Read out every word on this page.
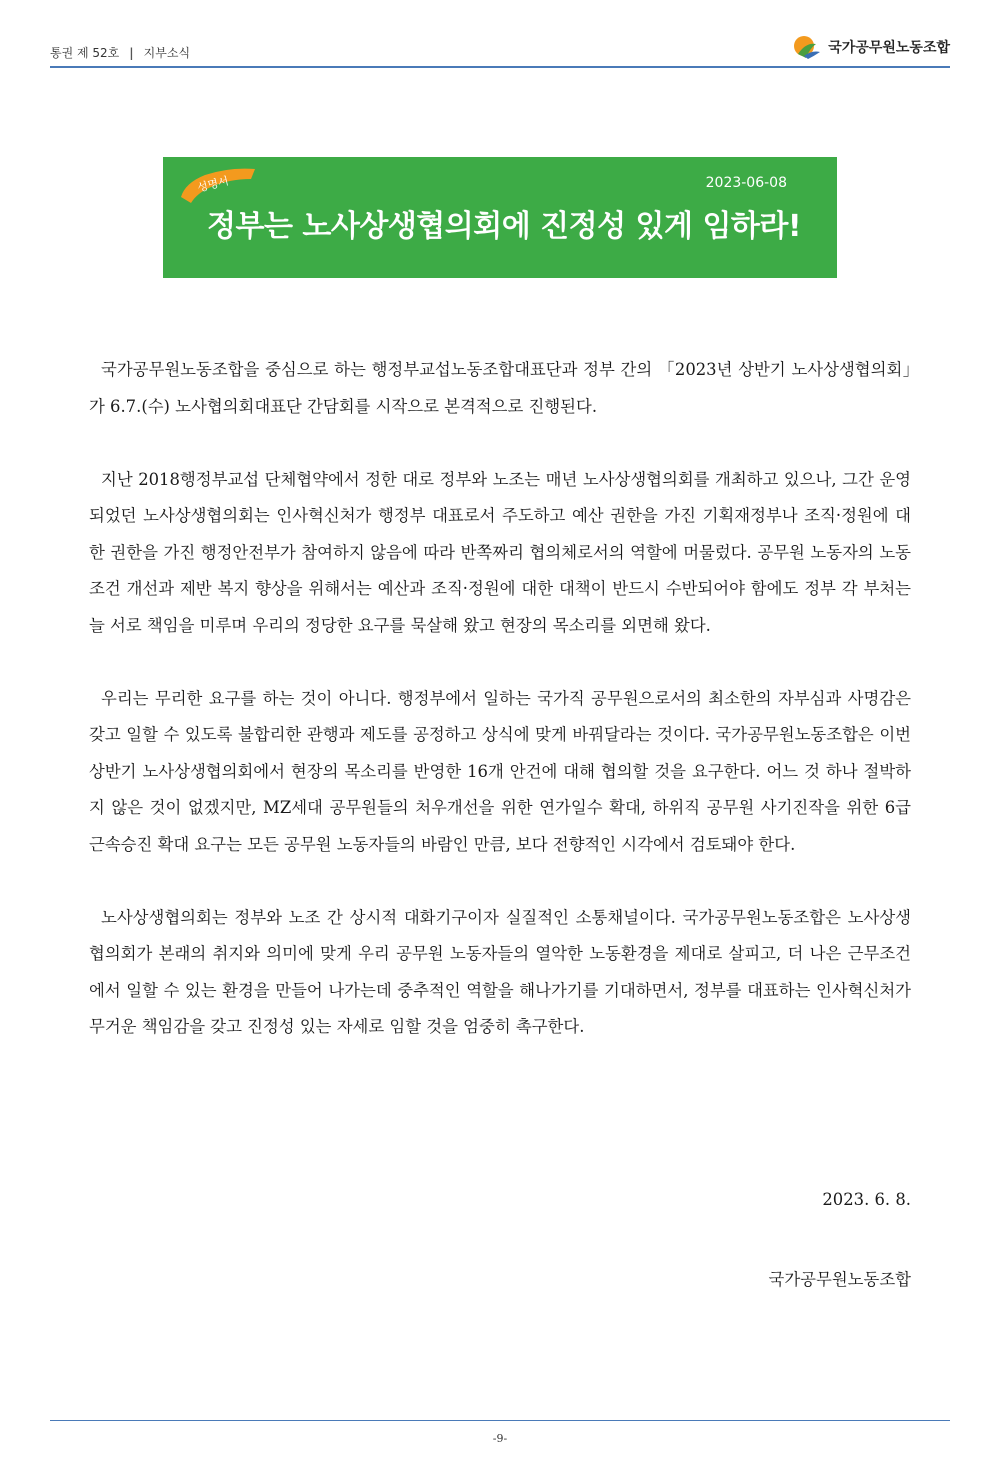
통권 제 52호 | 지부소식	국가공무원노동조합
성명서	2023-06-08
정부는 노사상생협의회에 진정성 있게 임하라!

국가공무원노동조합을 중심으로 하는 행정부교섭노동조합대표단과 정부 간의 「2023년 상반기 노사상생협의회」가 6.7.(수) 노사협의회대표단 간담회를 시작으로 본격적으로 진행된다.

지난 2018행정부교섭 단체협약에서 정한 대로 정부와 노조는 매년 노사상생협의회를 개최하고 있으나, 그간 운영되었던 노사상생협의회는 인사혁신처가 행정부 대표로서 주도하고 예산 권한을 가진 기획재정부나 조직·정원에 대한 권한을 가진 행정안전부가 참여하지 않음에 따라 반쪽짜리 협의체로서의 역할에 머물렀다. 공무원 노동자의 노동조건 개선과 제반 복지 향상을 위해서는 예산과 조직·정원에 대한 대책이 반드시 수반되어야 함에도 정부 각 부처는 늘 서로 책임을 미루며 우리의 정당한 요구를 묵살해 왔고 현장의 목소리를 외면해 왔다.

우리는 무리한 요구를 하는 것이 아니다. 행정부에서 일하는 국가직 공무원으로서의 최소한의 자부심과 사명감은 갖고 일할 수 있도록 불합리한 관행과 제도를 공정하고 상식에 맞게 바꿔달라는 것이다. 국가공무원노동조합은 이번 상반기 노사상생협의회에서 현장의 목소리를 반영한 16개 안건에 대해 협의할 것을 요구한다. 어느 것 하나 절박하지 않은 것이 없겠지만, MZ세대 공무원들의 처우개선을 위한 연가일수 확대, 하위직 공무원 사기진작을 위한 6급 근속승진 확대 요구는 모든 공무원 노동자들의 바람인 만큼, 보다 전향적인 시각에서 검토돼야 한다.

노사상생협의회는 정부와 노조 간 상시적 대화기구이자 실질적인 소통채널이다. 국가공무원노동조합은 노사상생협의회가 본래의 취지와 의미에 맞게 우리 공무원 노동자들의 열악한 노동환경을 제대로 살피고, 더 나은 근무조건에서 일할 수 있는 환경을 만들어 나가는데 중추적인 역할을 해나가기를 기대하면서, 정부를 대표하는 인사혁신처가 무거운 책임감을 갖고 진정성 있는 자세로 임할 것을 엄중히 촉구한다.

2023. 6. 8.
국가공무원노동조합
-9-
